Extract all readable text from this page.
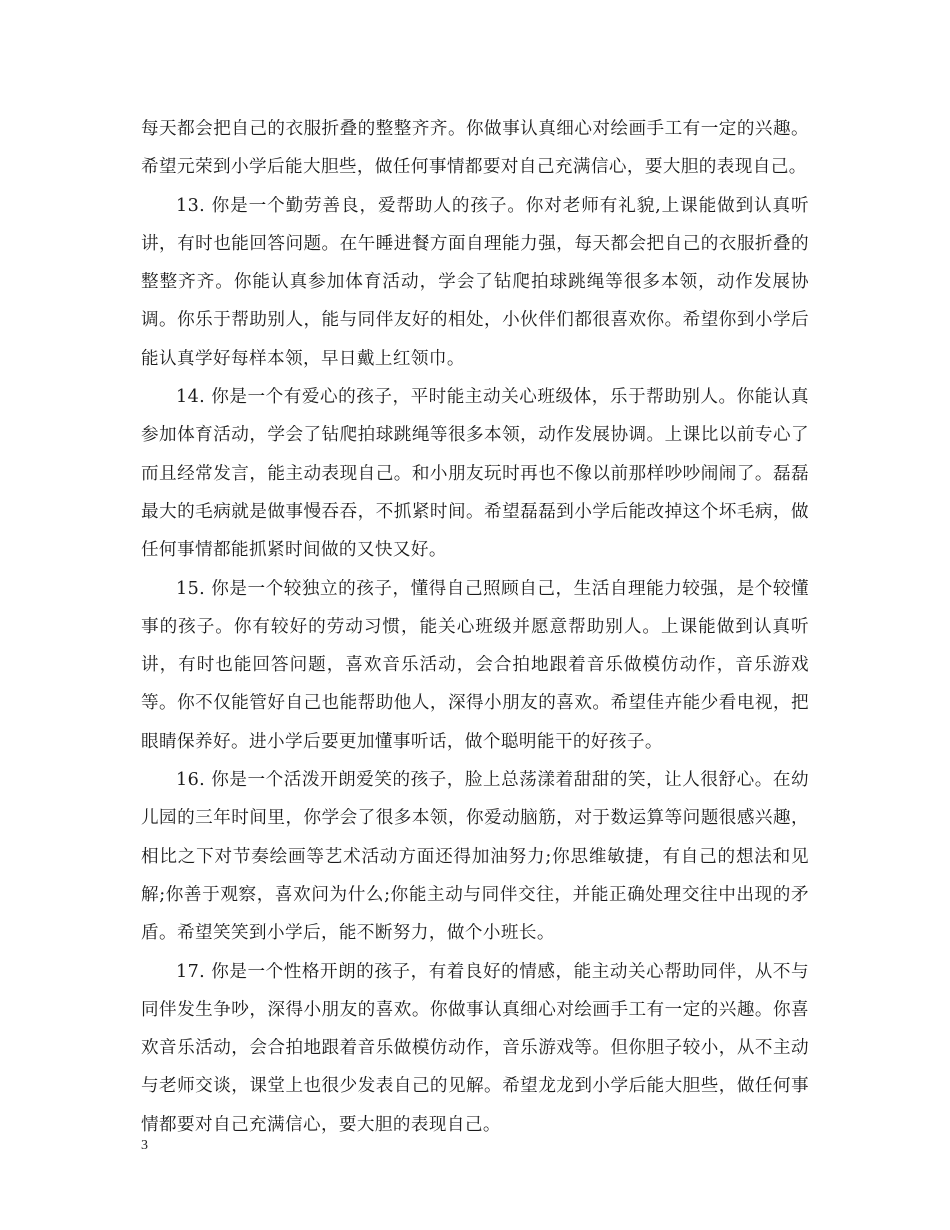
每天都会把自己的衣服折叠的整整齐齐。你做事认真细心对绘画手工有一定的兴趣。希望元荣到小学后能大胆些，做任何事情都要对自己充满信心，要大胆的表现自己。

13. 你是一个勤劳善良，爱帮助人的孩子。你对老师有礼貌,上课能做到认真听讲，有时也能回答问题。在午睡进餐方面自理能力强，每天都会把自己的衣服折叠的整整齐齐。你能认真参加体育活动，学会了钻爬拍球跳绳等很多本领，动作发展协调。你乐于帮助别人，能与同伴友好的相处，小伙伴们都很喜欢你。希望你到小学后能认真学好每样本领，早日戴上红领巾。

14. 你是一个有爱心的孩子，平时能主动关心班级体，乐于帮助别人。你能认真参加体育活动，学会了钻爬拍球跳绳等很多本领，动作发展协调。上课比以前专心了而且经常发言，能主动表现自己。和小朋友玩时再也不像以前那样吵吵闹闹了。磊磊最大的毛病就是做事慢吞吞，不抓紧时间。希望磊磊到小学后能改掉这个坏毛病，做任何事情都能抓紧时间做的又快又好。

15. 你是一个较独立的孩子，懂得自己照顾自己，生活自理能力较强，是个较懂事的孩子。你有较好的劳动习惯，能关心班级并愿意帮助别人。上课能做到认真听讲，有时也能回答问题，喜欢音乐活动，会合拍地跟着音乐做模仿动作，音乐游戏等。你不仅能管好自己也能帮助他人，深得小朋友的喜欢。希望佳卉能少看电视，把眼睛保养好。进小学后要更加懂事听话，做个聪明能干的好孩子。

16. 你是一个活泼开朗爱笑的孩子，脸上总荡漾着甜甜的笑，让人很舒心。在幼儿园的三年时间里，你学会了很多本领，你爱动脑筋，对于数运算等问题很感兴趣，相比之下对节奏绘画等艺术活动方面还得加油努力;你思维敏捷，有自己的想法和见解;你善于观察，喜欢问为什么;你能主动与同伴交往，并能正确处理交往中出现的矛盾。希望笑笑到小学后，能不断努力，做个小班长。

17. 你是一个性格开朗的孩子，有着良好的情感，能主动关心帮助同伴，从不与同伴发生争吵，深得小朋友的喜欢。你做事认真细心对绘画手工有一定的兴趣。你喜欢音乐活动，会合拍地跟着音乐做模仿动作，音乐游戏等。但你胆子较小，从不主动与老师交谈，课堂上也很少发表自己的见解。希望龙龙到小学后能大胆些，做任何事情都要对自己充满信心，要大胆的表现自己。

3
